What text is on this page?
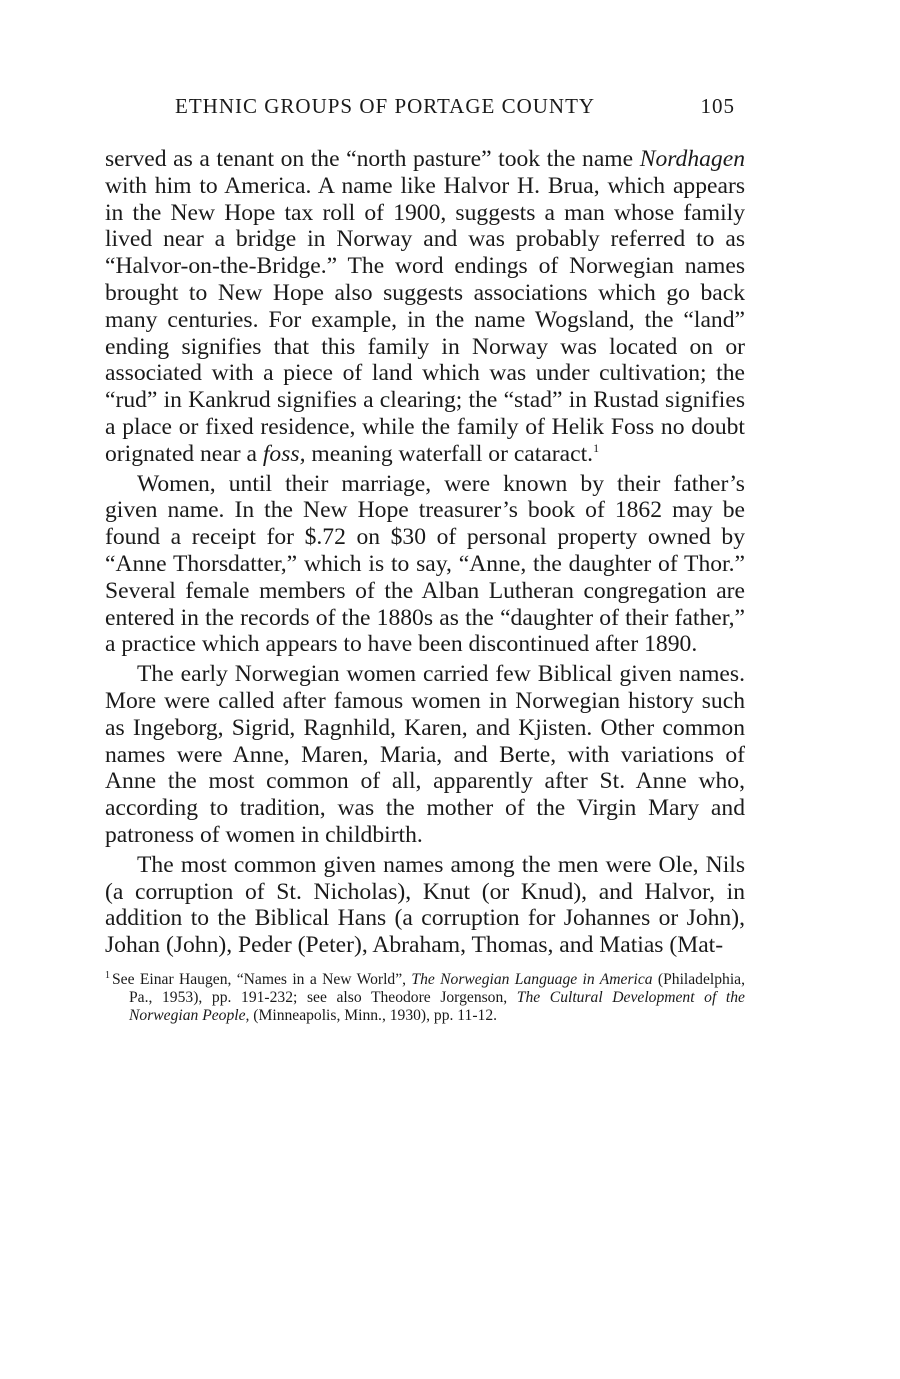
ETHNIC GROUPS OF PORTAGE COUNTY	105

served as a tenant on the “north pasture” took the name Nordhagen with him to America. A name like Halvor H. Brua, which appears in the New Hope tax roll of 1900, suggests a man whose family lived near a bridge in Norway and was probably referred to as “Halvor-on-the-Bridge.” The word endings of Norwegian names brought to New Hope also suggests associations which go back many centuries. For example, in the name Wogsland, the “land” ending signifies that this family in Norway was located on or associated with a piece of land which was under cultivation; the “rud” in Kankrud signifies a clearing; the “stad” in Rustad signifies a place or fixed residence, while the family of Helik Foss no doubt orignated near a foss, meaning waterfall or cataract.$^1$

Women, until their marriage, were known by their father’s given name. In the New Hope treasurer’s book of 1862 may be found a receipt for $.72 on $30 of personal property owned by “Anne Thorsdatter,” which is to say, “Anne, the daughter of Thor.” Several female members of the Alban Lutheran congregation are entered in the records of the 1880s as the “daughter of their father,” a practice which appears to have been discontinued after 1890.

The early Norwegian women carried few Biblical given names. More were called after famous women in Norwegian history such as Ingeborg, Sigrid, Ragnhild, Karen, and Kjisten. Other common names were Anne, Maren, Maria, and Berte, with variations of Anne the most common of all, apparently after St. Anne who, according to tradition, was the mother of the Virgin Mary and patroness of women in childbirth.

The most common given names among the men were Ole, Nils (a corruption of St. Nicholas), Knut (or Knud), and Halvor, in addition to the Biblical Hans (a corruption for Johannes or John), Johan (John), Peder (Peter), Abraham, Thomas, and Matias (Mat-

$^1$ See Einar Haugen, “Names in a New World”, The Norwegian Language in America (Philadelphia, Pa., 1953), pp. 191-232; see also Theodore Jorgenson, The Cultural Development of the Norwegian People, (Minneapolis, Minn., 1930), pp. 11-12.
